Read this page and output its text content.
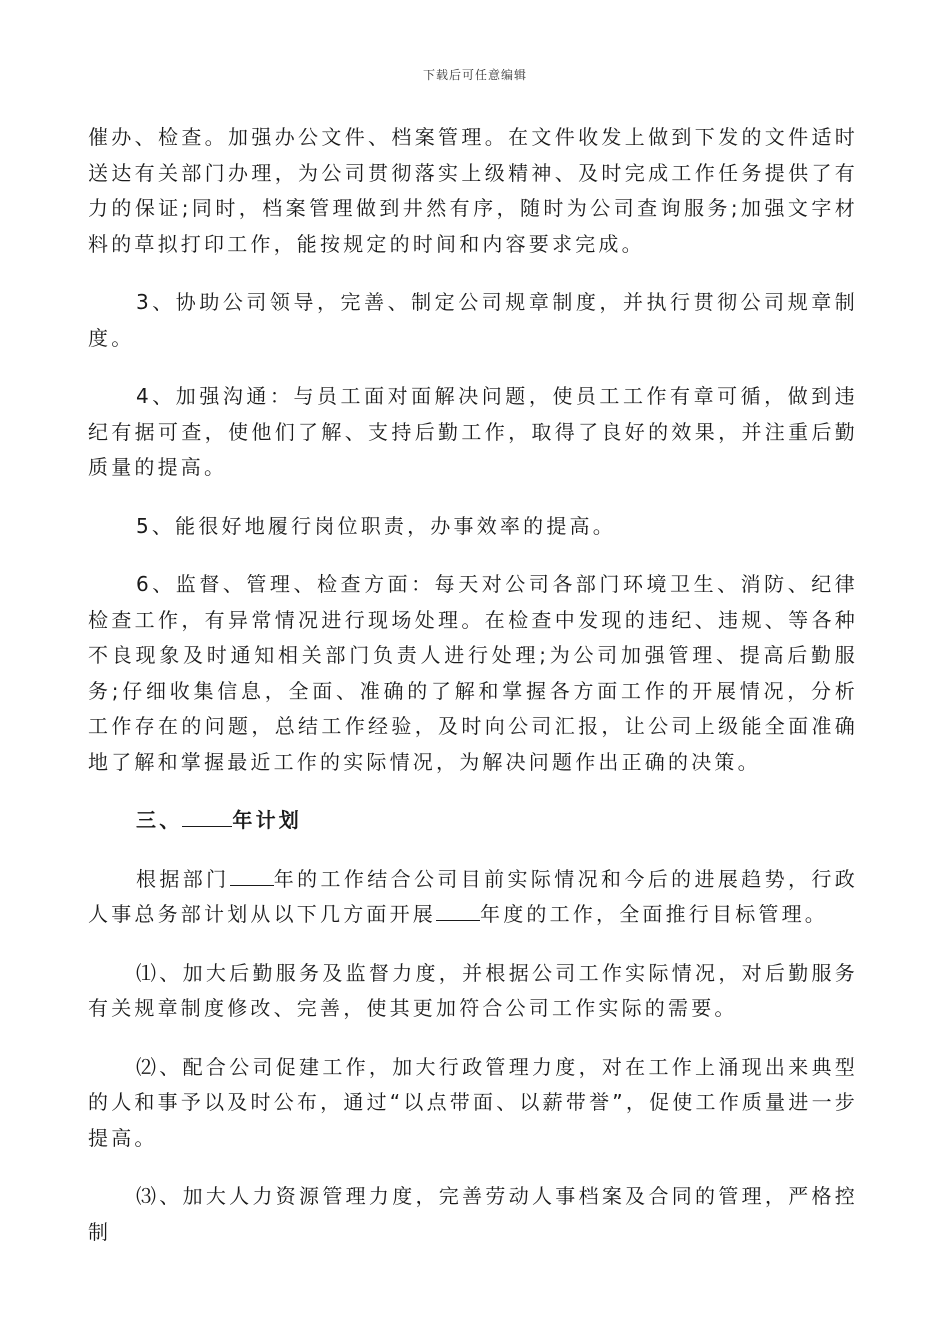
下载后可任意编辑

催办、检查。加强办公文件、档案管理。在文件收发上做到下发的文件适时送达有关部门办理，为公司贯彻落实上级精神、及时完成工作任务提供了有力的保证;同时，档案管理做到井然有序，随时为公司查询服务;加强文字材料的草拟打印工作，能按规定的时间和内容要求完成。

3、协助公司领导，完善、制定公司规章制度，并执行贯彻公司规章制度。

4、加强沟通：与员工面对面解决问题，使员工工作有章可循，做到违纪有据可查，使他们了解、支持后勤工作，取得了良好的效果，并注重后勤质量的提高。

5、能很好地履行岗位职责，办事效率的提高。

6、监督、管理、检查方面：每天对公司各部门环境卫生、消防、纪律检查工作，有异常情况进行现场处理。在检查中发现的违纪、违规、等各种不良现象及时通知相关部门负责人进行处理;为公司加强管理、提高后勤服务;仔细收集信息，全面、准确的了解和掌握各方面工作的开展情况，分析工作存在的问题，总结工作经验，及时向公司汇报，让公司上级能全面准确地了解和掌握最近工作的实际情况，为解决问题作出正确的决策。

三、	年计划

根据部门 年的工作结合公司目前实际情况和今后的进展趋势，行政人事总务部计划从以下几方面开展 年度的工作，全面推行目标管理。

⑴、加大后勤服务及监督力度，并根据公司工作实际情况，对后勤服务有关规章制度修改、完善，使其更加符合公司工作实际的需要。

⑵、配合公司促建工作，加大行政管理力度，对在工作上涌现出来典型的人和事予以及时公布，通过“以点带面、以薪带誉”，促使工作质量进一步提高。

⑶、加大人力资源管理力度，完善劳动人事档案及合同的管理，严格控制
